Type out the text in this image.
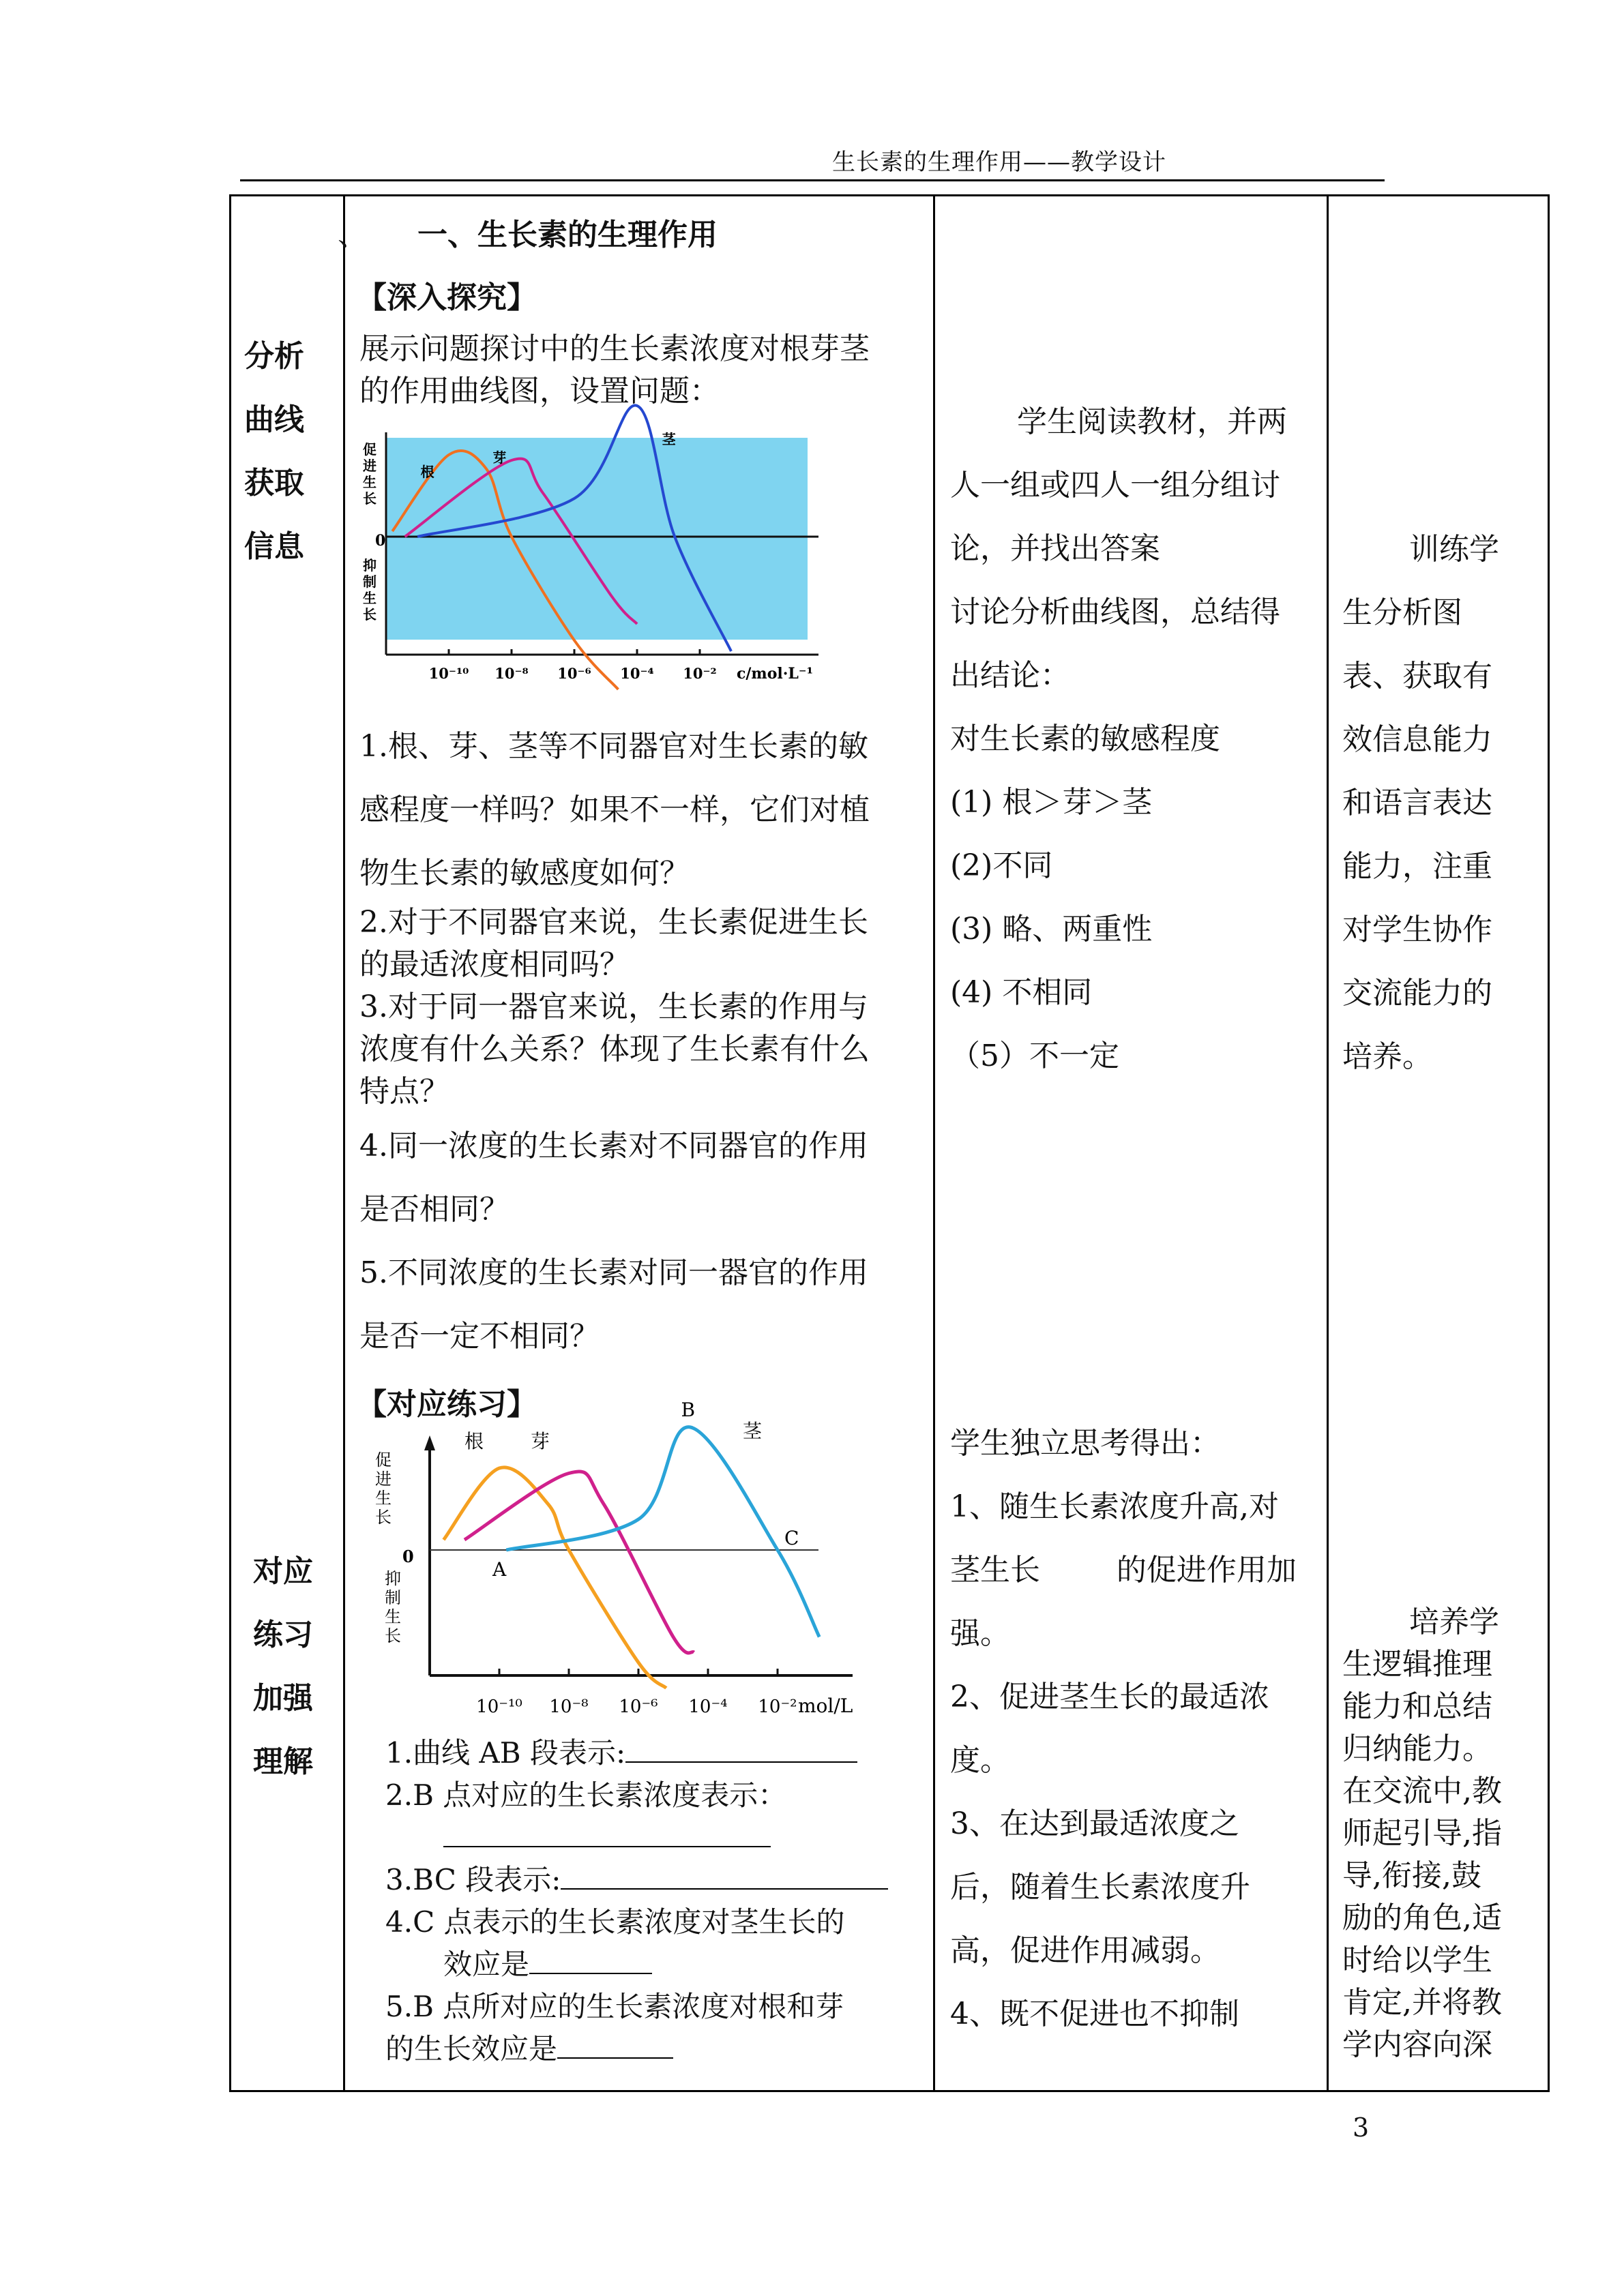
生长素的生理作用——教学设计
分析
曲线
获取
信息
、 一、生长素的生理作用
【深入探究】
展示问题探讨中的生长素浓度对根芽茎
的作用曲线图，设置问题：
促
进
生
长
0
抑
制
生
长
根
芽
茎
10⁻¹⁰ 10⁻⁸ 10⁻⁶ 10⁻⁴ 10⁻² c/mol·L⁻¹
1.根、芽、茎等不同器官对生长素的敏
感程度一样吗？如果不一样，它们对植
物生长素的敏感度如何？
2.对于不同器官来说，生长素促进生长
的最适浓度相同吗？
3.对于同一器官来说，生长素的作用与
浓度有什么关系？体现了生长素有什么
特点？
4.同一浓度的生长素对不同器官的作用
是否相同？
5.不同浓度的生长素对同一器官的作用
是否一定不相同？
学生阅读教材，并两
人一组或四人一组分组讨
论，并找出答案
讨论分析曲线图，总结得
出结论：
对生长素的敏感程度
(1) 根＞芽＞茎
(2)不同
(3) 略、两重性
(4) 不相同
（5）不一定
训练学
生分析图
表、获取有
效信息能力
和语言表达
能力，注重
对学生协作
交流能力的
培养。
对应
练习
加强
理解
【对应练习】
促
进
生
长
0
抑
制
生
长
根 芽	茎
A
B
C
10⁻¹⁰ 10⁻⁸ 10⁻⁶ 10⁻⁴ 10⁻² mol/L
1.曲线 AB 段表示:
2.B 点对应的生长素浓度表示：
3.BC 段表示:
4.C 点表示的生长素浓度对茎生长的
效应是
5.B 点所对应的生长素浓度对根和芽
的生长效应是
学生独立思考得出：
1、随生长素浓度升高,对
茎生长        的促进作用加
强。
2、促进茎生长的最适浓
度。
3、在达到最适浓度之
后，随着生长素浓度升
高，促进作用减弱。
4、既不促进也不抑制
培养学
生逻辑推理
能力和总结
归纳能力。
在交流中,教
师起引导,指
导,衔接,鼓
励的角色,适
时给以学生
肯定,并将教
学内容向深
3
